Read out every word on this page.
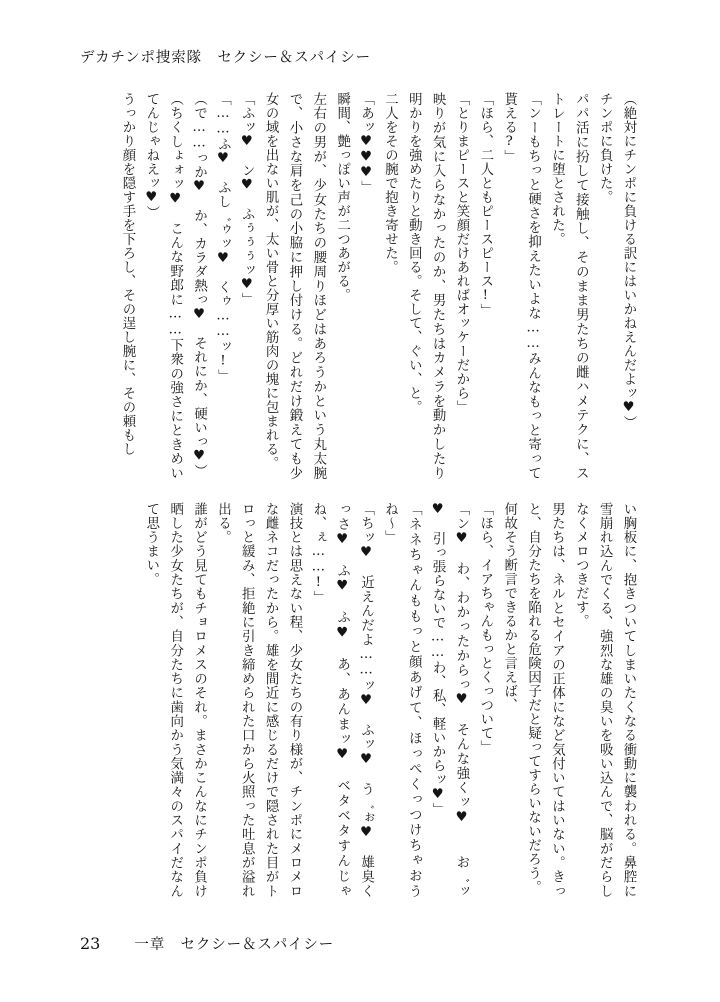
デカチンポ捜索隊　セクシー＆スパイシー

（絶対にチンポに負ける訳にはいかねえんだよッ♥）

チンポに負けた。

パパ活に扮して接触し、そのまま男たちの雌ハメテクに、ストレートに堕とされた。

「ンーもちっと硬さを抑えたいよな……みんなもっと寄って貰える?」

「ほら、二人ともピースピース!」

「とりまピースと笑顔だけあればオッケーだから」

映りが気に入らなかったのか、男たちはカメラを動かしたり明かりを強めたりと動き回る。そして、ぐい、と。

二人をその腕で抱き寄せた。

「あッ♥♥♥」

瞬間、艶っぽい声が二つあがる。

左右の男が、少女たちの腰周りほどはあろうかという丸太腕で、小さな肩を己の小脇に押し付ける。どれだけ鍛えても少女の域を出ない肌が、太い骨と分厚い筋肉の塊に包まれる。

「ふッ♥　ン♥　ふぅぅぅッ♥」

「……ふ♥　ふし゛ゥッ♥　くゥ……ッ!」

（で……っか♥　か、カラダ熱っ♥　それにか、硬いっ♥）

（ちくしょォッ♥　こんな野郎に……下衆の強さにときめいてんじゃねえッ♥）

うっかり顔を隠す手を下ろし、その逞し腕に、その頼もし

い胸板に、抱きついてしまいたくなる衝動に襲われる。鼻腔に雪崩れ込んでくる、強烈な雄の臭いを吸い込んで、脳がだらしなくメロつきだす。

男たちは、ネルとセイアの正体になど気付いてはいない。きっと、自分たちを陥れる危険因子だと疑ってすらいないだろう。

何故そう断言できるかと言えば、

「ほら、イアちゃんもっとくっついて」

「ン♥　わ、わかったからっ♥　そんな強くッ♥　　お゛ッ♥　引っ張らないで……わ、私、軽いからッ♥」

「ネネちゃんももっと顔あげて、ほっぺくっつけちゃおうね〜」

「ちッ♥　近えんだよ……ッ♥　ふッ♥　う゛ぉ♥　雄臭くっさ♥　ふ♥　ふ♥　あ、あんまッ♥　ベタベタすんじゃね、ぇ……!」

演技とは思えない程、少女たちの有り様が、チンポにメロメロな雌ネコだったから。雄を間近に感じるだけで隠された目がトロっと緩み、拒絶に引き締められた口から火照った吐息が溢れ出る。

誰がどう見てもチョロメスのそれ。まさかこんなにチンポ負け晒した少女たちが、自分たちに歯向かう気満々のスパイだなんて思うまい。

23 一章　セクシー＆スパイシー
